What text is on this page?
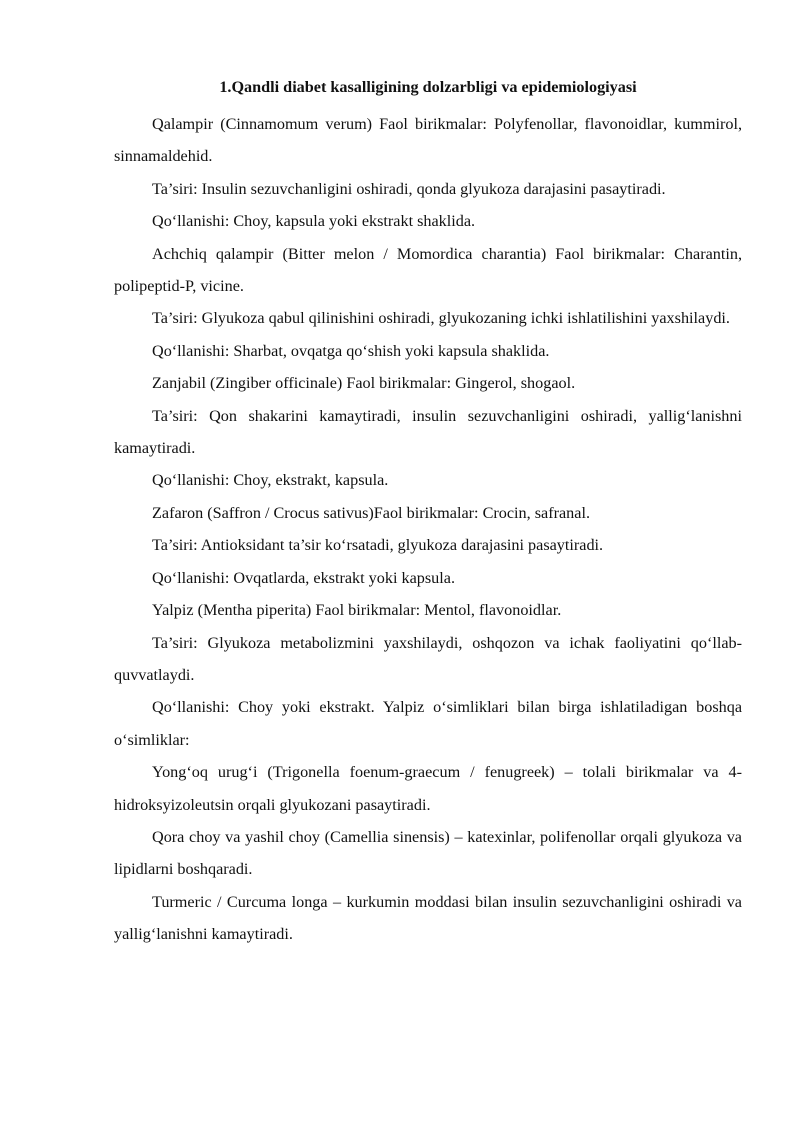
1.Qandli diabet kasalligining dolzarbligi va epidemiologiyasi

Qalampir (Cinnamomum verum) Faol birikmalar: Polyfenollar, flavonoidlar, kummirol, sinnamaldehid.

Ta’siri: Insulin sezuvchanligini oshiradi, qonda glyukoza darajasini pasaytiradi.

Qo‘llanishi: Choy, kapsula yoki ekstrakt shaklida.

Achchiq qalampir (Bitter melon / Momordica charantia) Faol birikmalar: Charantin, polipeptid-P, vicine.

Ta’siri: Glyukoza qabul qilinishini oshiradi, glyukozaning ichki ishlatilishini yaxshilaydi.

Qo‘llanishi: Sharbat, ovqatga qo‘shish yoki kapsula shaklida.

Zanjabil (Zingiber officinale) Faol birikmalar: Gingerol, shogaol.

Ta’siri: Qon shakarini kamaytiradi, insulin sezuvchanligini oshiradi, yallig‘lanishni kamaytiradi.

Qo‘llanishi: Choy, ekstrakt, kapsula.

Zafaron (Saffron / Crocus sativus)Faol birikmalar: Crocin, safranal.

Ta’siri: Antioksidant ta’sir ko‘rsatadi, glyukoza darajasini pasaytiradi.

Qo‘llanishi: Ovqatlarda, ekstrakt yoki kapsula.

Yalpiz (Mentha piperita) Faol birikmalar: Mentol, flavonoidlar.

Ta’siri: Glyukoza metabolizmini yaxshilaydi, oshqozon va ichak faoliyatini qo‘llab-quvvatlaydi.

Qo‘llanishi: Choy yoki ekstrakt. Yalpiz o‘simliklari bilan birga ishlatiladigan boshqa o‘simliklar:

Yong‘oq urug‘i (Trigonella foenum-graecum / fenugreek) – tolali birikmalar va 4-hidroksyizoleutsin orqali glyukozani pasaytiradi.

Qora choy va yashil choy (Camellia sinensis) – katexinlar, polifenollar orqali glyukoza va lipidlarni boshqaradi.

Turmeric / Curcuma longa – kurkumin moddasi bilan insulin sezuvchanligini oshiradi va yallig‘lanishni kamaytiradi.
